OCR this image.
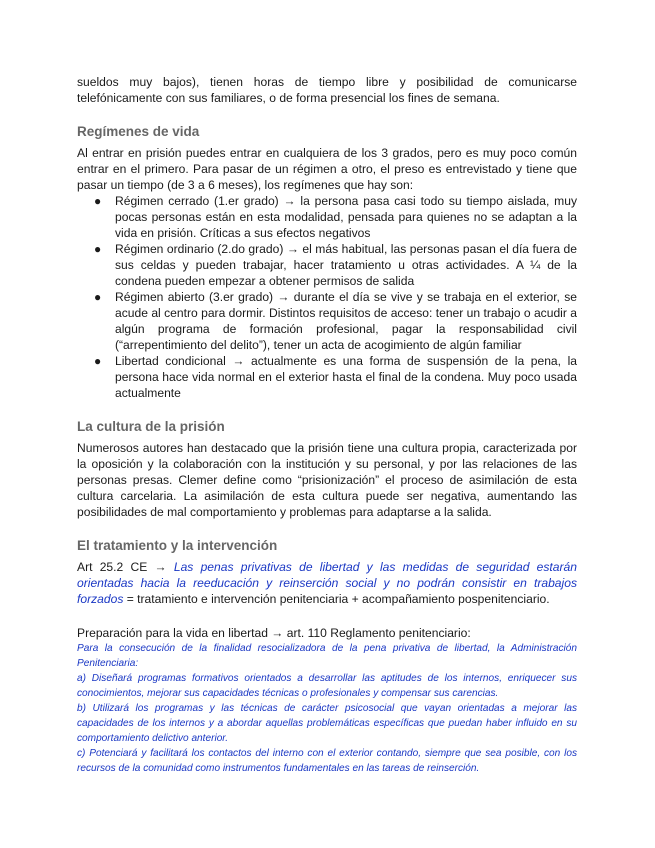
sueldos muy bajos), tienen horas de tiempo libre y posibilidad de comunicarse telefónicamente con sus familiares, o de forma presencial los fines de semana.

Regímenes de vida

Al entrar en prisión puedes entrar en cualquiera de los 3 grados, pero es muy poco común entrar en el primero. Para pasar de un régimen a otro, el preso es entrevistado y tiene que pasar un tiempo (de 3 a 6 meses), los regímenes que hay son:

● Régimen cerrado (1.er grado) → la persona pasa casi todo su tiempo aislada, muy pocas personas están en esta modalidad, pensada para quienes no se adaptan a la vida en prisión. Críticas a sus efectos negativos
● Régimen ordinario (2.do grado) → el más habitual, las personas pasan el día fuera de sus celdas y pueden trabajar, hacer tratamiento u otras actividades. A ¼ de la condena pueden empezar a obtener permisos de salida
● Régimen abierto (3.er grado) → durante el día se vive y se trabaja en el exterior, se acude al centro para dormir. Distintos requisitos de acceso: tener un trabajo o acudir a algún programa de formación profesional, pagar la responsabilidad civil (“arrepentimiento del delito”), tener un acta de acogimiento de algún familiar
● Libertad condicional → actualmente es una forma de suspensión de la pena, la persona hace vida normal en el exterior hasta el final de la condena. Muy poco usada actualmente
La cultura de la prisión

Numerosos autores han destacado que la prisión tiene una cultura propia, caracterizada por la oposición y la colaboración con la institución y su personal, y por las relaciones de las personas presas. Clemer define como “prisionización” el proceso de asimilación de esta cultura carcelaria. La asimilación de esta cultura puede ser negativa, aumentando las posibilidades de mal comportamiento y problemas para adaptarse a la salida.

El tratamiento y la intervención

Art 25.2 CE → Las penas privativas de libertad y las medidas de seguridad estarán orientadas hacia la reeducación y reinserción social y no podrán consistir en trabajos forzados = tratamiento e intervención penitenciaria + acompañamiento pospenitenciario.

Preparación para la vida en libertad → art. 110 Reglamento penitenciario:

Para la consecución de la finalidad resocializadora de la pena privativa de libertad, la Administración Penitenciaria:

a) Diseñará programas formativos orientados a desarrollar las aptitudes de los internos, enriquecer sus conocimientos, mejorar sus capacidades técnicas o profesionales y compensar sus carencias.

b) Utilizará los programas y las técnicas de carácter psicosocial que vayan orientadas a mejorar las capacidades de los internos y a abordar aquellas problemáticas específicas que puedan haber influido en su comportamiento delictivo anterior.

c) Potenciará y facilitará los contactos del interno con el exterior contando, siempre que sea posible, con los recursos de la comunidad como instrumentos fundamentales en las tareas de reinserción.
